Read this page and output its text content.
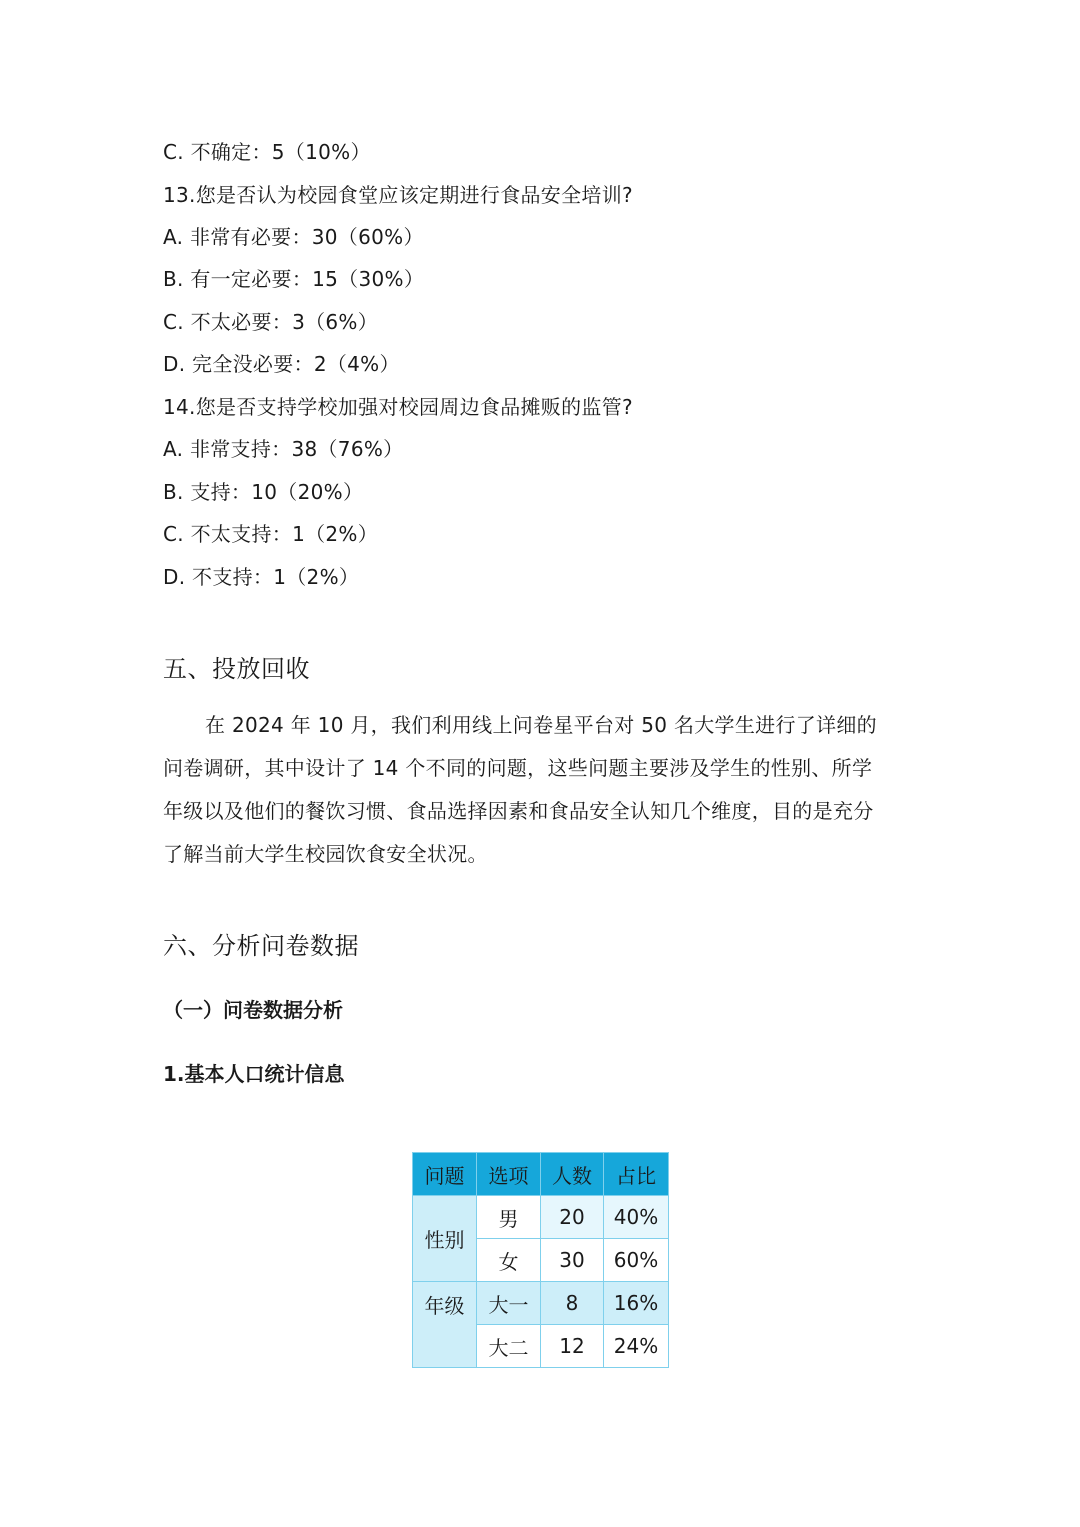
C. 不确定：5（10%）
13.您是否认为校园食堂应该定期进行食品安全培训?
A. 非常有必要：30（60%）
B. 有一定必要：15（30%）
C. 不太必要：3（6%）
D. 完全没必要：2（4%）
14.您是否支持学校加强对校园周边食品摊贩的监管?
A. 非常支持：38（76%）
B. 支持：10（20%）
C. 不太支持：1（2%）
D. 不支持：1（2%）
五、投放回收
在 2024 年 10 月，我们利用线上问卷星平台对 50 名大学生进行了详细的
问卷调研，其中设计了 14 个不同的问题，这些问题主要涉及学生的性别、所学
年级以及他们的餐饮习惯、食品选择因素和食品安全认知几个维度，目的是充分
了解当前大学生校园饮食安全状况。
六、分析问卷数据
（一）问卷数据分析
1.基本人口统计信息
问题	选项	人数	占比
性别	男	20	40%
	女	30	60%
年级	大一	8	16%
	大二	12	24%
